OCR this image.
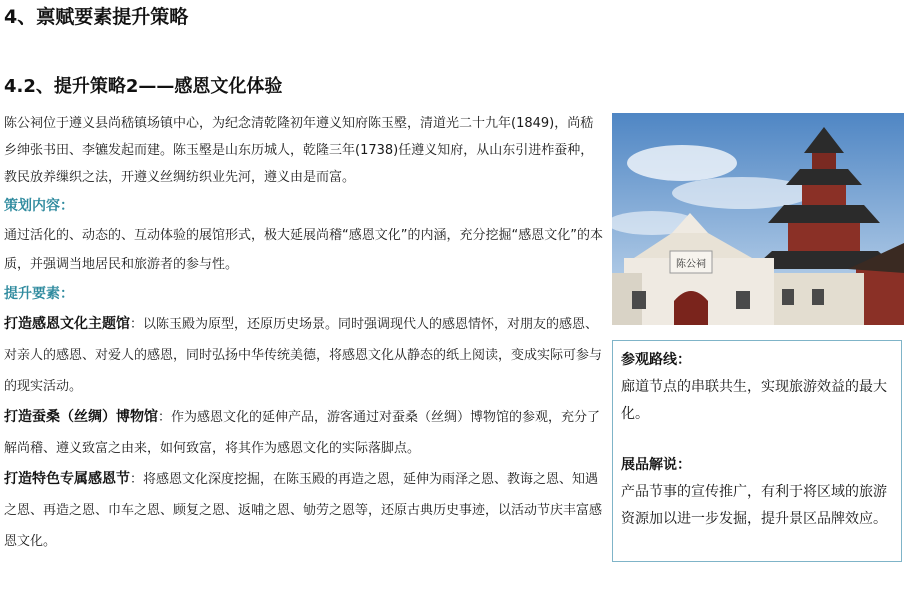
4、禀赋要素提升策略
4.2、提升策略2——感恩文化体验

陈公祠位于遵义县尚嵇镇场镇中心，为纪念清乾隆初年遵义知府陈玉壂，清道光二十九年(1849)，尚嵇乡绅张书田、李镳发起而建。陈玉壂是山东历城人，乾隆三年(1738)任遵义知府，从山东引进柞蚕种，教民放养缫织之法，开遵义丝绸纺织业先河，遵义由是而富。

策划内容：

通过活化的、动态的、互动体验的展馆形式，极大延展尚稽“感恩文化”的内涵，充分挖掘“感恩文化”的本质，并强调当地居民和旅游者的参与性。

提升要素：

打造感恩文化主题馆：以陈玉殿为原型，还原历史场景。同时强调现代人的感恩情怀，对朋友的感恩、对亲人的感恩、对爱人的感恩，同时弘扬中华传统美德，将感恩文化从静态的纸上阅读，变成实际可参与的现实活动。

打造蚕桑（丝绸）博物馆：作为感恩文化的延伸产品，游客通过对蚕桑（丝绸）博物馆的参观，充分了解尚稽、遵义致富之由来，如何致富，将其作为感恩文化的实际落脚点。

打造特色专属感恩节：将感恩文化深度挖掘，在陈玉殿的再造之恩，延伸为雨泽之恩、教诲之恩、知遇之恩、再造之恩、巾车之恩、顾复之恩、返哺之恩、劬劳之恩等，还原古典历史事迹，以活动节庆丰富感恩文化。

陈公祠
参观路线：
廊道节点的串联共生，实现旅游效益的最大化。
展品解说：
产品节事的宣传推广，有利于将区域的旅游资源加以进一步发掘，提升景区品牌效应。
